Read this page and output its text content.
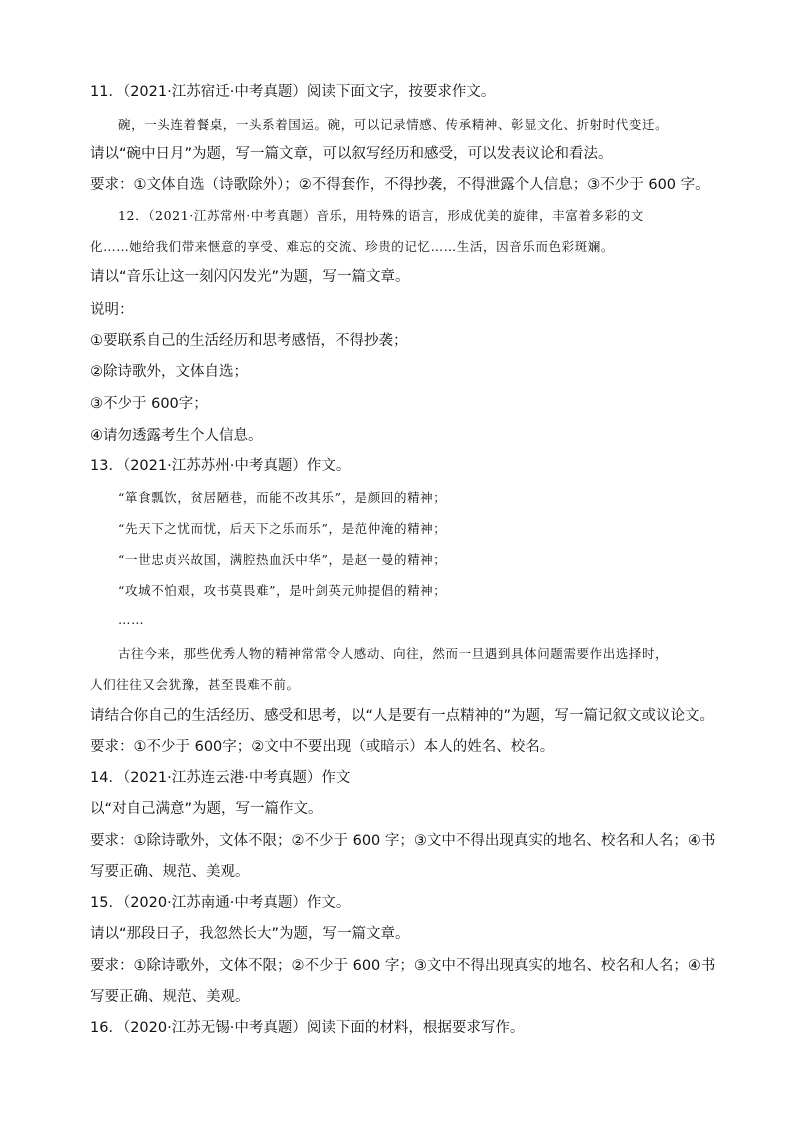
11．（2021·江苏宿迁·中考真题）阅读下面文字，按要求作文。
碗，一头连着餐桌，一头系着国运。碗，可以记录情感、传承精神、彰显文化、折射时代变迁。
请以“碗中日月”为题，写一篇文章，可以叙写经历和感受，可以发表议论和看法。
要求：①文体自选（诗歌除外）；②不得套作，不得抄袭，不得泄露个人信息；③不少于 600 字。
12．（2021·江苏常州·中考真题）音乐，用特殊的语言，形成优美的旋律，丰富着多彩的文
化……她给我们带来惬意的享受、难忘的交流、珍贵的记忆……生活，因音乐而色彩斑斓。
请以“音乐让这一刻闪闪发光”为题，写一篇文章。
说明：
①要联系自己的生活经历和思考感悟，不得抄袭；
②除诗歌外，文体自选；
③不少于 600字；
④请勿透露考生个人信息。
13．（2021·江苏苏州·中考真题）作文。
“箪食瓢饮，贫居陋巷，而能不改其乐”，是颜回的精神；
“先天下之忧而忧，后天下之乐而乐”，是范仲淹的精神；
“一世忠贞兴故国，满腔热血沃中华”，是赵一曼的精神；
“攻城不怕艰，攻书莫畏难”，是叶剑英元帅提倡的精神；
……
古往今来，那些优秀人物的精神常常令人感动、向往，然而一旦遇到具体问题需要作出选择时，
人们往往又会犹豫，甚至畏难不前。
请结合你自己的生活经历、感受和思考，以“人是要有一点精神的”为题，写一篇记叙文或议论文。
要求：①不少于 600字；②文中不要出现（或暗示）本人的姓名、校名。
14．（2021·江苏连云港·中考真题）作文
以“对自己满意”为题，写一篇作文。
要求：①除诗歌外，文体不限；②不少于 600 字；③文中不得出现真实的地名、校名和人名；④书
写要正确、规范、美观。
15．（2020·江苏南通·中考真题）作文。
请以“那段日子，我忽然长大”为题，写一篇文章。
要求：①除诗歌外，文体不限；②不少于 600 字；③文中不得出现真实的地名、校名和人名；④书
写要正确、规范、美观。
16．（2020·江苏无锡·中考真题）阅读下面的材料，根据要求写作。
